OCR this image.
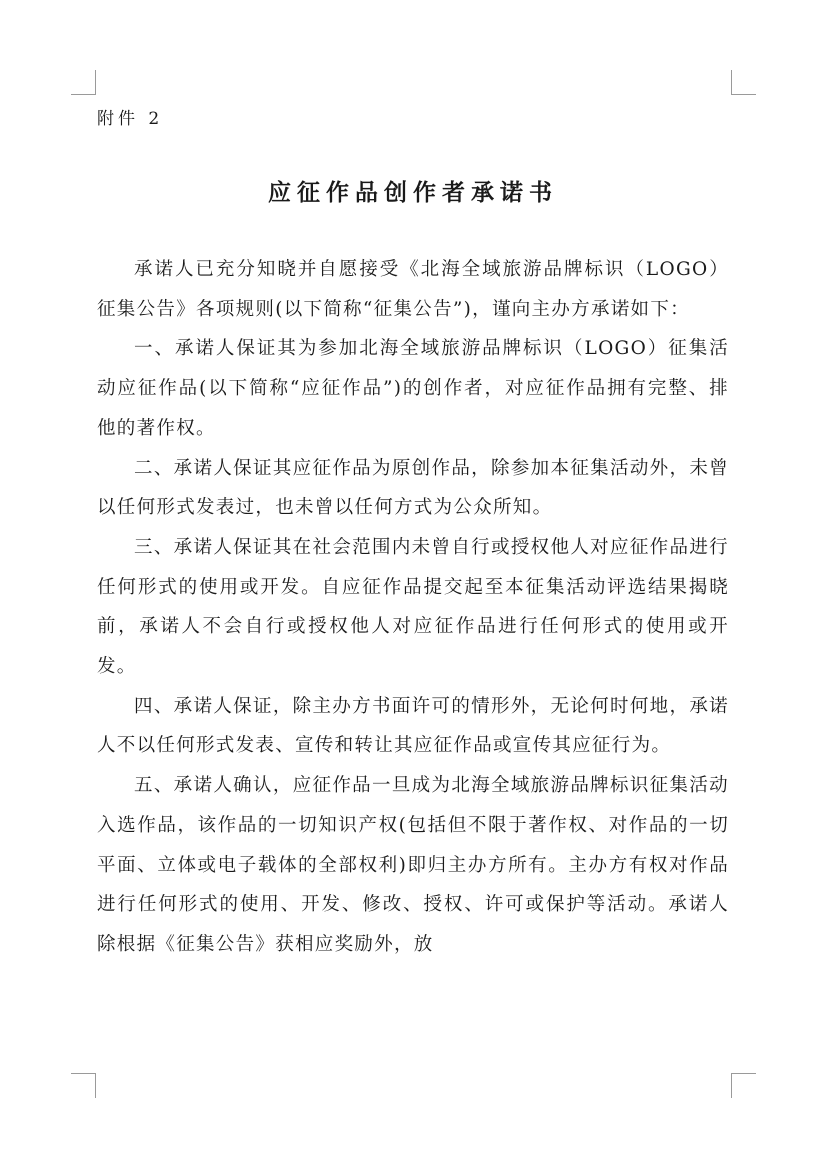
附件 2
应征作品创作者承诺书

承诺人已充分知晓并自愿接受《北海全域旅游品牌标识（LOGO）征集公告》各项规则(以下简称“征集公告”)，谨向主办方承诺如下：

一、承诺人保证其为参加北海全域旅游品牌标识（LOGO）征集活动应征作品(以下简称“应征作品”)的创作者，对应征作品拥有完整、排他的著作权。

二、承诺人保证其应征作品为原创作品，除参加本征集活动外，未曾以任何形式发表过，也未曾以任何方式为公众所知。

三、承诺人保证其在社会范围内未曾自行或授权他人对应征作品进行任何形式的使用或开发。自应征作品提交起至本征集活动评选结果揭晓前，承诺人不会自行或授权他人对应征作品进行任何形式的使用或开发。

四、承诺人保证，除主办方书面许可的情形外，无论何时何地，承诺人不以任何形式发表、宣传和转让其应征作品或宣传其应征行为。

五、承诺人确认，应征作品一旦成为北海全域旅游品牌标识征集活动入选作品，该作品的一切知识产权(包括但不限于著作权、对作品的一切平面、立体或电子载体的全部权利)即归主办方所有。主办方有权对作品进行任何形式的使用、开发、修改、授权、许可或保护等活动。承诺人除根据《征集公告》获相应奖励外，放
